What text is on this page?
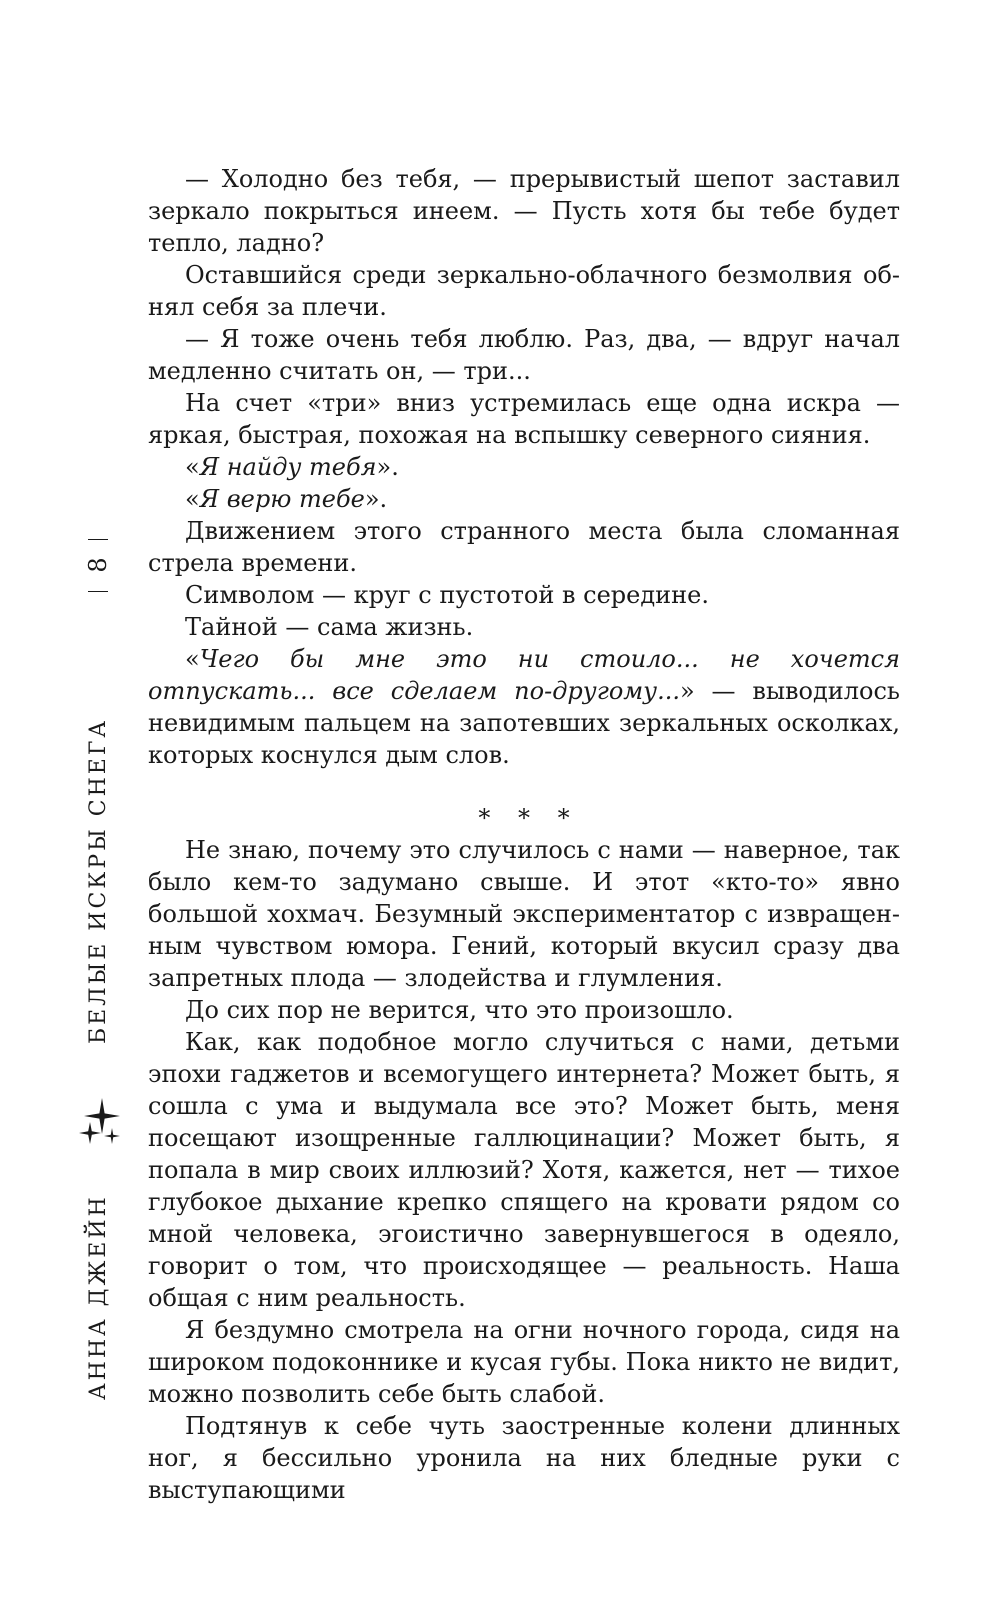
8
БЕЛЫЕ ИСКРЫ СНЕГА
АННА ДЖЕЙН

— Холодно без тебя, — прерывистый шепот заставил зеркало покрыться инеем. — Пусть хотя бы тебе будет тепло, ладно?

Оставшийся среди зеркально-облачного безмолвия обнял себя за плечи.

— Я тоже очень тебя люблю. Раз, два, — вдруг начал медленно считать он, — три...

На счет «три» вниз устремилась еще одна искра — яркая, быстрая, похожая на вспышку северного сияния.

«Я найду тебя».

«Я верю тебе».

Движением этого странного места была сломанная стрела времени.

Символом — круг с пустотой в середине.

Тайной — сама жизнь.

«Чего бы мне это ни стоило... не хочется отпускать... все сделаем по-другому...» — выводилось невидимым пальцем на запотевших зеркальных осколках, которых коснулся дым слов.

* * *

Не знаю, почему это случилось с нами — наверное, так было кем-то задумано свыше. И этот «кто-то» явно большой хохмач. Безумный экспериментатор с извращенным чувством юмора. Гений, который вкусил сразу два запретных плода — злодейства и глумления.

До сих пор не верится, что это произошло.

Как, как подобное могло случиться с нами, детьми эпохи гаджетов и всемогущего интернета? Может быть, я сошла с ума и выдумала все это? Может быть, меня посещают изощренные галлюцинации? Может быть, я попала в мир своих иллюзий? Хотя, кажется, нет — тихое глубокое дыхание крепко спящего на кровати рядом со мной человека, эгоистично завернувшегося в одеяло, говорит о том, что происходящее — реальность. Наша общая с ним реальность.

Я бездумно смотрела на огни ночного города, сидя на широком подоконнике и кусая губы. Пока никто не видит, можно позволить себе быть слабой.

Подтянув к себе чуть заостренные колени длинных ног, я бессильно уронила на них бледные руки с выступающими
